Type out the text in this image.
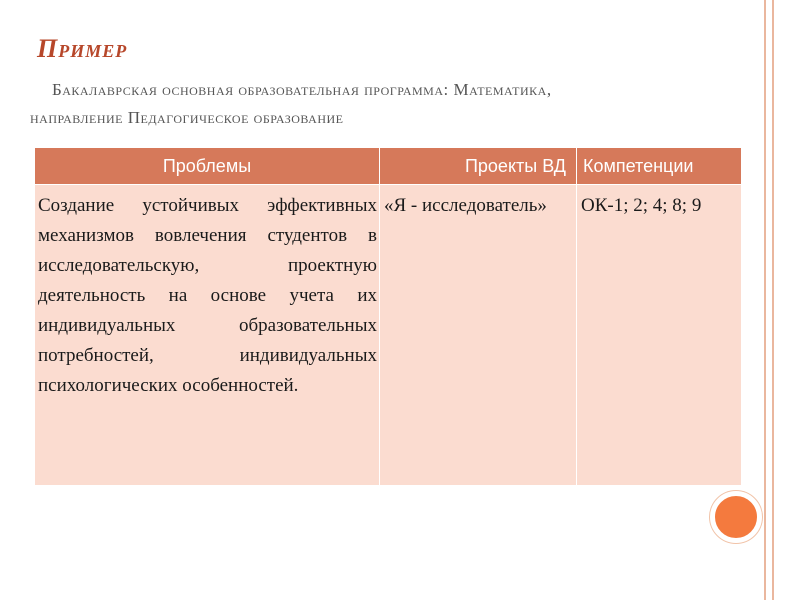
Пример
Бакалаврская основная образовательная программа: Математика,
направление Педагогическое образование
Проблемы	Проекты ВД	Компетенции
Создание устойчивых эффективных механизмов вовлечения студентов в исследовательскую, проектную деятельность на основе учета их индивидуальных образовательных потребностей, индивидуальных психологических особенностей.	«Я - исследователь»	ОК-1; 2; 4; 8; 9
